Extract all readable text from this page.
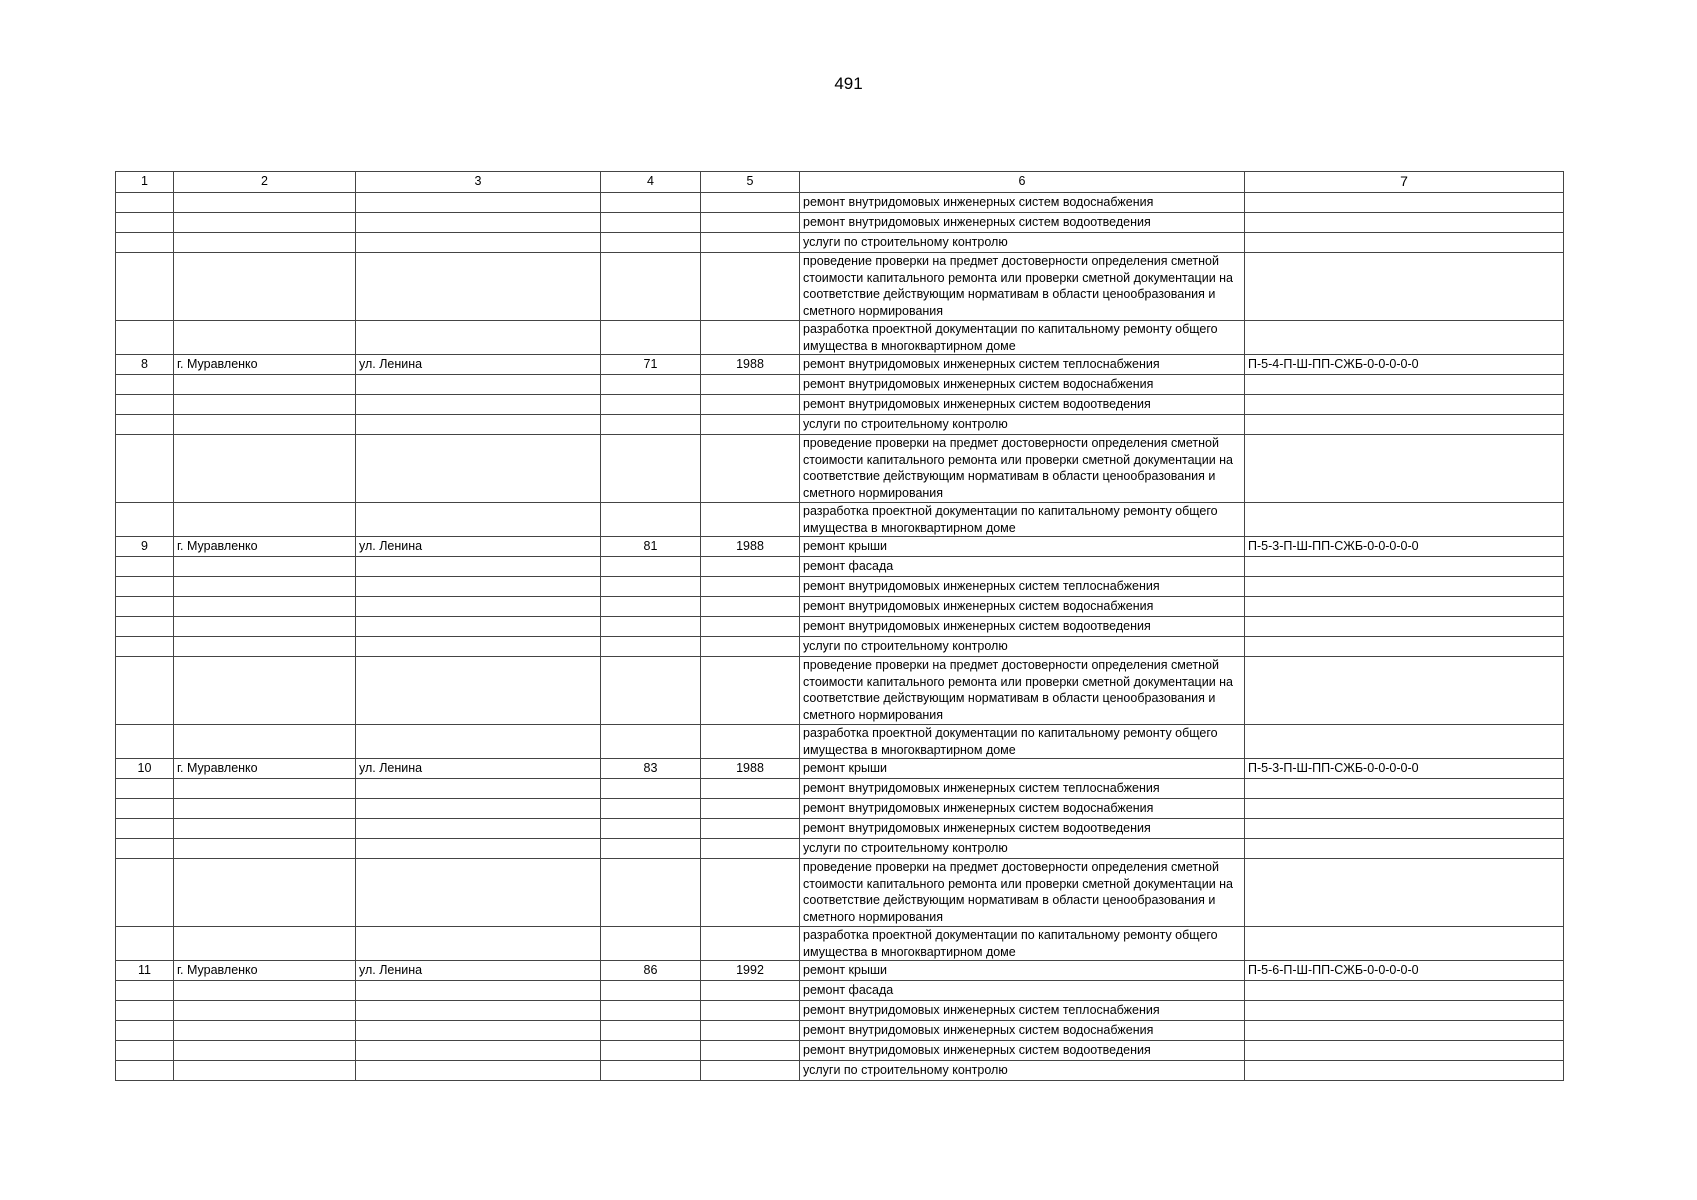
491
1	2	3	4	5	6	7
					ремонт внутридомовых инженерных систем водоснабжения	
					ремонт внутридомовых инженерных систем водоотведения	
					услуги по строительному контролю	
					проведение проверки на предмет достоверности определения сметной стоимости капитального ремонта или проверки сметной документации на соответствие действующим нормативам в области ценообразования и сметного нормирования	
					разработка проектной документации по капитальному ремонту общего имущества в многоквартирном доме	
8	г. Муравленко	ул. Ленина	71	1988	ремонт внутридомовых инженерных систем теплоснабжения	П-5-4-П-Ш-ПП-СЖБ-0-0-0-0-0
					ремонт внутридомовых инженерных систем водоснабжения	
					ремонт внутридомовых инженерных систем водоотведения	
					услуги по строительному контролю	
					проведение проверки на предмет достоверности определения сметной стоимости капитального ремонта или проверки сметной документации на соответствие действующим нормативам в области ценообразования и сметного нормирования	
					разработка проектной документации по капитальному ремонту общего имущества в многоквартирном доме	
9	г. Муравленко	ул. Ленина	81	1988	ремонт крыши	П-5-3-П-Ш-ПП-СЖБ-0-0-0-0-0
					ремонт фасада	
					ремонт внутридомовых инженерных систем теплоснабжения	
					ремонт внутридомовых инженерных систем водоснабжения	
					ремонт внутридомовых инженерных систем водоотведения	
					услуги по строительному контролю	
					проведение проверки на предмет достоверности определения сметной стоимости капитального ремонта или проверки сметной документации на соответствие действующим нормативам в области ценообразования и сметного нормирования	
					разработка проектной документации по капитальному ремонту общего имущества в многоквартирном доме	
10	г. Муравленко	ул. Ленина	83	1988	ремонт крыши	П-5-3-П-Ш-ПП-СЖБ-0-0-0-0-0
					ремонт внутридомовых инженерных систем теплоснабжения	
					ремонт внутридомовых инженерных систем водоснабжения	
					ремонт внутридомовых инженерных систем водоотведения	
					услуги по строительному контролю	
					проведение проверки на предмет достоверности определения сметной стоимости капитального ремонта или проверки сметной документации на соответствие действующим нормативам в области ценообразования и сметного нормирования	
					разработка проектной документации по капитальному ремонту общего имущества в многоквартирном доме	
11	г. Муравленко	ул. Ленина	86	1992	ремонт крыши	П-5-6-П-Ш-ПП-СЖБ-0-0-0-0-0
					ремонт фасада	
					ремонт внутридомовых инженерных систем теплоснабжения	
					ремонт внутридомовых инженерных систем водоснабжения	
					ремонт внутридомовых инженерных систем водоотведения	
					услуги по строительному контролю	
